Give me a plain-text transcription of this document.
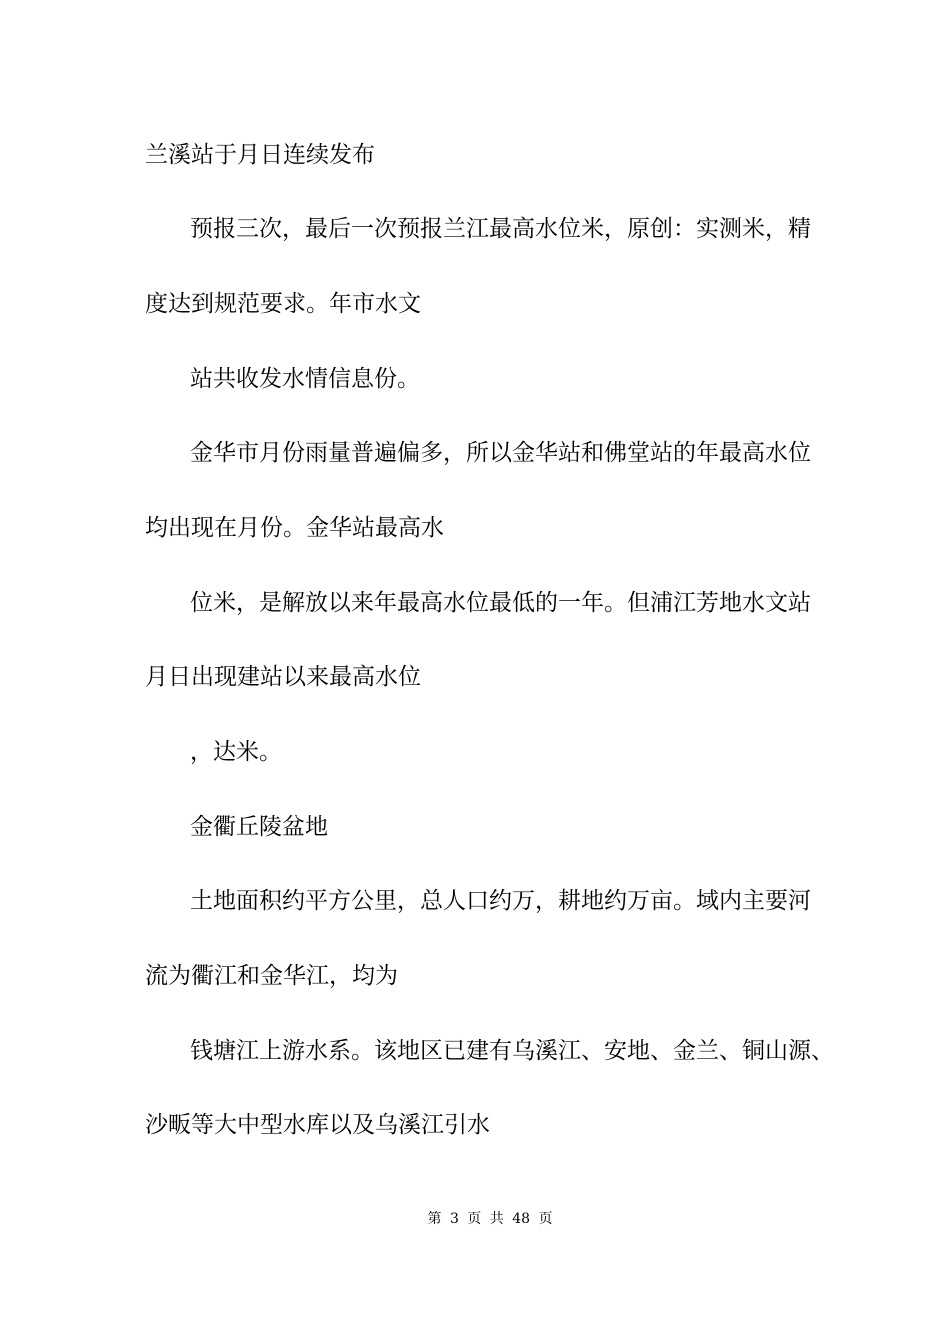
兰溪站于月日连续发布
预报三次，最后一次预报兰江最高水位米，原创：实测米，精
度达到规范要求。年市水文
站共收发水情信息份。
金华市月份雨量普遍偏多，所以金华站和佛堂站的年最高水位
均出现在月份。金华站最高水
位米，是解放以来年最高水位最低的一年。但浦江芳地水文站
月日出现建站以来最高水位
，达米。
金衢丘陵盆地
土地面积约平方公里，总人口约万，耕地约万亩。域内主要河
流为衢江和金华江，均为
钱塘江上游水系。该地区已建有乌溪江、安地、金兰、铜山源、
沙畈等大中型水库以及乌溪江引水
第 3 页 共 48 页
